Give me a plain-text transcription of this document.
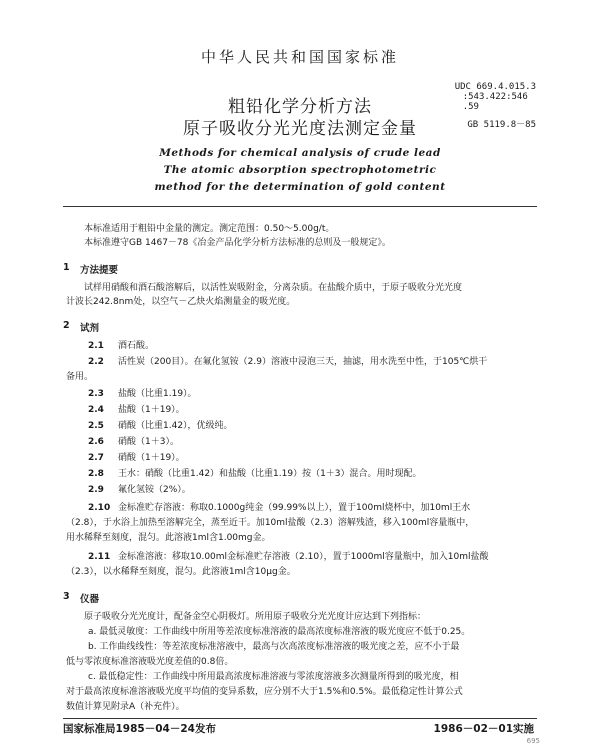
中华人民共和国国家标准
粗铅化学分析方法
原子吸收分光光度法测定金量
UDC 669.4.015.3
:543.422:546
.59
GB 5119.8－85
Methods for chemical analysis of crude lead
The atomic absorption spectrophotometric
method for the determination of gold content
本标准适用于粗铅中金量的测定。测定范围：0.50～5.00g/t。
本标准遵守GB 1467－78《冶金产品化学分析方法标准的总则及一般规定》。
1 方法提要
试样用硝酸和酒石酸溶解后，以活性炭吸附金，分离杂质。在盐酸介质中，于原子吸收分光光度
计波长242.8nm处，以空气－乙炔火焰测量金的吸光度。
2 试剂
2.1 酒石酸。
2.2 活性炭（200目）。在氟化氢铵（2.9）溶液中浸泡三天，抽滤，用水洗至中性，于105℃烘干
备用。
2.3 盐酸（比重1.19）。
2.4 盐酸（1＋19）。
2.5 硝酸（比重1.42），优级纯。
2.6 硝酸（1＋3）。
2.7 硝酸（1＋19）。
2.8 王水：硝酸（比重1.42）和盐酸（比重1.19）按（1＋3）混合。用时现配。
2.9 氟化氢铵（2%）。
2.10 金标准贮存溶液：称取0.1000g纯金（99.99%以上），置于100ml烧杯中，加10ml王水
（2.8），于水浴上加热至溶解完全，蒸至近干。加10ml盐酸（2.3）溶解残渣，移入100ml容量瓶中，
用水稀释至刻度，混匀。此溶液1ml含1.00mg金。
2.11 金标准溶液：移取10.00ml金标准贮存溶液（2.10），置于1000ml容量瓶中，加入10ml盐酸
（2.3），以水稀释至刻度，混匀。此溶液1ml含10μg金。
3 仪器
原子吸收分光光度计，配备金空心阴极灯。所用原子吸收分光光度计应达到下列指标：
a. 最低灵敏度：工作曲线中所用等差浓度标准溶液的最高浓度标准溶液的吸光度应不低于0.25。
b. 工作曲线线性：等差浓度标准溶液中，最高与次高浓度标准溶液的吸光度之差，应不小于最
低与零浓度标准溶液吸光度差值的0.8倍。
c. 最低稳定性：工作曲线中所用最高浓度标准溶液与零浓度溶液多次测量所得到的吸光度，相
对于最高浓度标准溶液吸光度平均值的变异系数，应分别不大于1.5%和0.5%。最低稳定性计算公式
数值计算见附录A（补充件）。
国家标准局1985－04－24发布	1986－02－01实施
695
